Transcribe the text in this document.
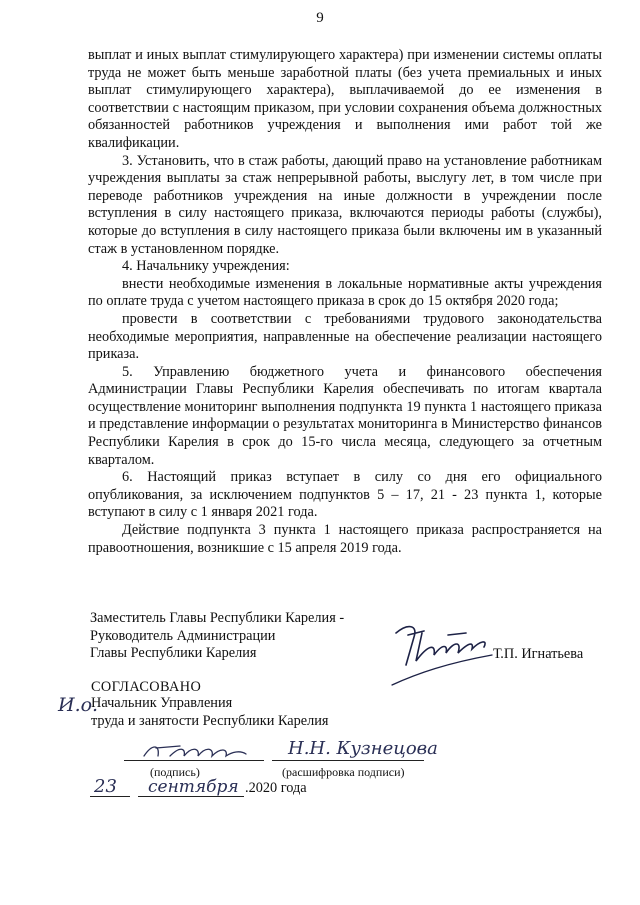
9

выплат и иных выплат стимулирующего характера) при изменении системы оплаты труда не может быть меньше заработной платы (без учета премиальных и иных выплат стимулирующего характера), выплачиваемой до ее изменения в соответствии с настоящим приказом, при условии сохранения объема должностных обязанностей работников учреждения и выполнения ими работ той же квалификации.

3. Установить, что в стаж работы, дающий право на установление работникам учреждения выплаты за стаж непрерывной работы, выслугу лет, в том числе при переводе работников учреждения на иные должности в учреждении после вступления в силу настоящего приказа, включаются периоды работы (службы), которые до вступления в силу настоящего приказа были включены им в указанный стаж в установленном порядке.

4. Начальнику учреждения:

внести необходимые изменения в локальные нормативные акты учреждения по оплате труда с учетом настоящего приказа в срок до 15 октября 2020 года;

провести в соответствии с требованиями трудового законодательства необходимые мероприятия, направленные на обеспечение реализации настоящего приказа.

5. Управлению бюджетного учета и финансового обеспечения Администрации Главы Республики Карелия обеспечивать по итогам квартала осуществление мониторинг выполнения подпункта 19 пункта 1 настоящего приказа и представление информации о результатах мониторинга в Министерство финансов Республики Карелия в срок до 15-го числа месяца, следующего за отчетным кварталом.

6. Настоящий приказ вступает в силу со дня его официального опубликования, за исключением подпунктов 5 – 17, 21 - 23 пункта 1, которые вступают в силу с 1 января 2021 года.

Действие подпункта 3 пункта 1 настоящего приказа распространяется на правоотношения, возникшие с 15 апреля 2019 года.

Заместитель Главы Республики Карелия -
Руководитель Администрации
Главы Республики Карелия	Т.П. Игнатьева
СОГЛАСОВАНО
И.о.
Начальник Управления
труда и занятости Республики Карелия
Н.Н. Кузнецова
(подпись)	(расшифровка подписи)
23 сентября .2020 года
